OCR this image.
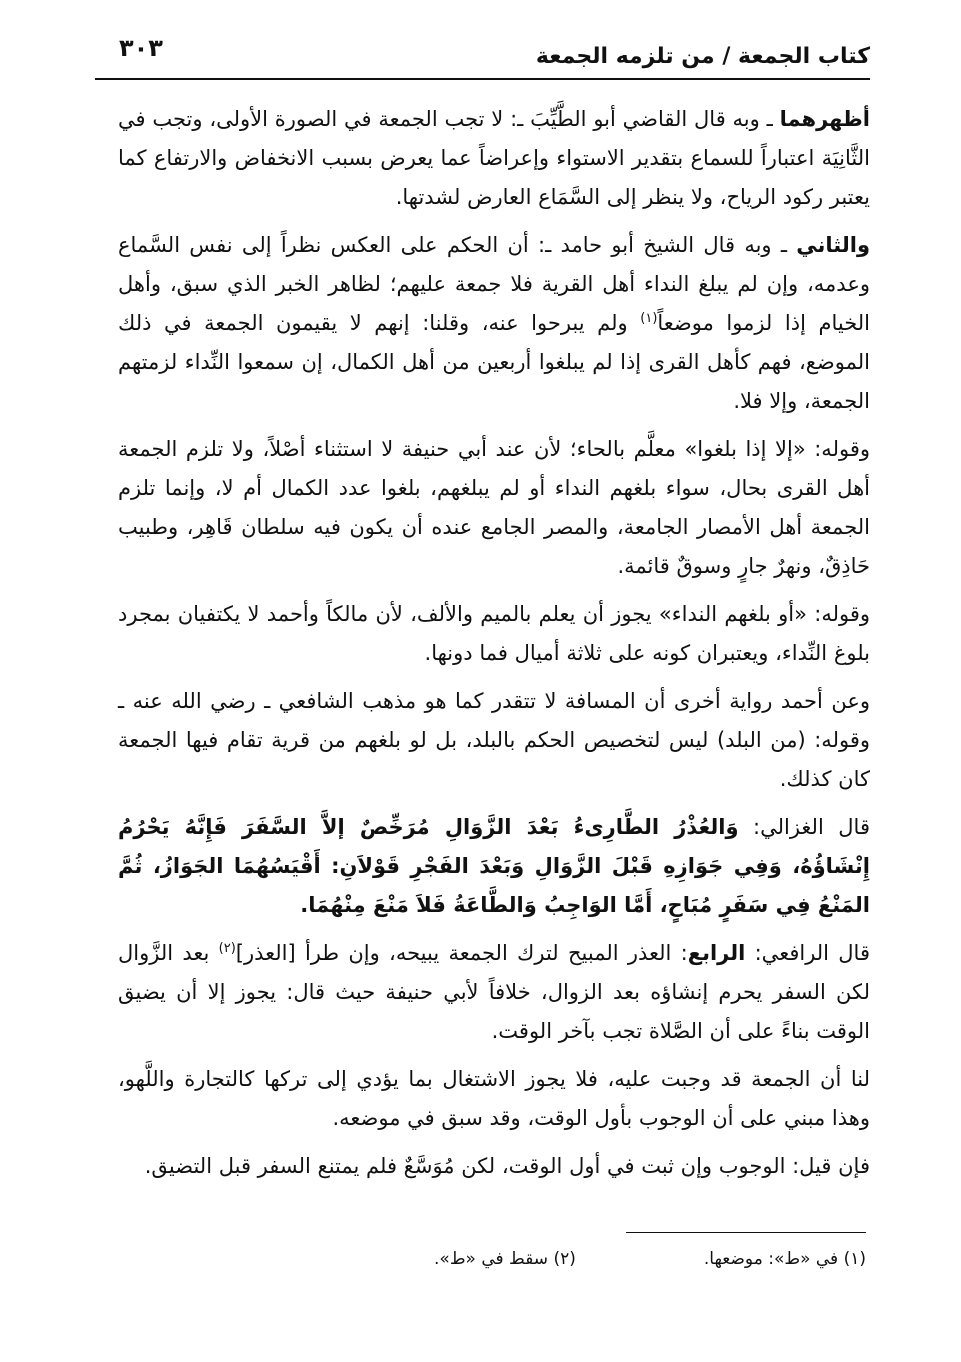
كتاب الجمعة / من تلزمه الجمعة
٣٠٣

أظهرهما ـ وبه قال القاضي أبو الطَّيِّبَ ـ: لا تجب الجمعة في الصورة الأولى، وتجب في الثَّانِيَة اعتباراً للسماع بتقدير الاستواء وإعراضاً عما يعرض بسبب الانخفاض والارتفاع كما يعتبر ركود الرياح، ولا ينظر إلى السَّمَاع العارض لشدتها.

والثاني ـ وبه قال الشيخ أبو حامد ـ: أن الحكم على العكس نظراً إلى نفس السَّماع وعدمه، وإن لم يبلغ النداء أهل القرية فلا جمعة عليهم؛ لظاهر الخبر الذي سبق، وأهل الخيام إذا لزموا موضعاً$^{(١)}$ ولم يبرحوا عنه، وقلنا: إنهم لا يقيمون الجمعة في ذلك الموضع، فهم كأهل القرى إذا لم يبلغوا أربعين من أهل الكمال، إن سمعوا النِّداء لزمتهم الجمعة، وإلا فلا.

وقوله: «إلا إذا بلغوا» معلَّم بالحاء؛ لأن عند أبي حنيفة لا استثناء أصْلاً، ولا تلزم الجمعة أهل القرى بحال، سواء بلغهم النداء أو لم يبلغهم، بلغوا عدد الكمال أم لا، وإنما تلزم الجمعة أهل الأمصار الجامعة، والمصر الجامع عنده أن يكون فيه سلطان قَاهِر، وطبيب حَاذِقٌ، ونهرٌ جارٍ وسوقٌ قائمة.

وقوله: «أو بلغهم النداء» يجوز أن يعلم بالميم والألف، لأن مالكاً وأحمد لا يكتفيان بمجرد بلوغ النِّداء، ويعتبران كونه على ثلاثة أميال فما دونها.

وعن أحمد رواية أخرى أن المسافة لا تتقدر كما هو مذهب الشافعي ـ رضي الله عنه ـ وقوله: (من البلد) ليس لتخصيص الحكم بالبلد، بل لو بلغهم من قرية تقام فيها الجمعة كان كذلك.

قال الغزالي: وَالعُذْرُ الطَّارِىءُ بَعْدَ الزَّوَالِ مُرَخِّصٌ إلاَّ السَّفَرَ فَإِنَّهُ يَحْرُمُ إِنْشَاؤُهُ، وَفِي جَوَازِهِ قَبْلَ الزَّوَالِ وَبَعْدَ الفَجْرِ قَوْلاَنِ: أَقْيَسُهُمَا الجَوَازُ، ثُمَّ المَنْعُ فِي سَفَرٍ مُبَاحٍ، أَمَّا الوَاجِبُ وَالطَّاعَةُ فَلاَ مَنْعَ مِنْهُمَا.

قال الرافعي: الرابع: العذر المبيح لترك الجمعة يبيحه، وإن طرأ [العذر]$^{(٢)}$ بعد الزَّوال لكن السفر يحرم إنشاؤه بعد الزوال، خلافاً لأبي حنيفة حيث قال: يجوز إلا أن يضيق الوقت بناءً على أن الصَّلاة تجب بآخر الوقت.

لنا أن الجمعة قد وجبت عليه، فلا يجوز الاشتغال بما يؤدي إلى تركها كالتجارة واللَّهو، وهذا مبني على أن الوجوب بأول الوقت، وقد سبق في موضعه.

فإن قيل: الوجوب وإن ثبت في أول الوقت، لكن مُوَسَّعٌ فلم يمتنع السفر قبل التضيق.

(١) في «ط»: موضعها.(٢) سقط في «ط».
